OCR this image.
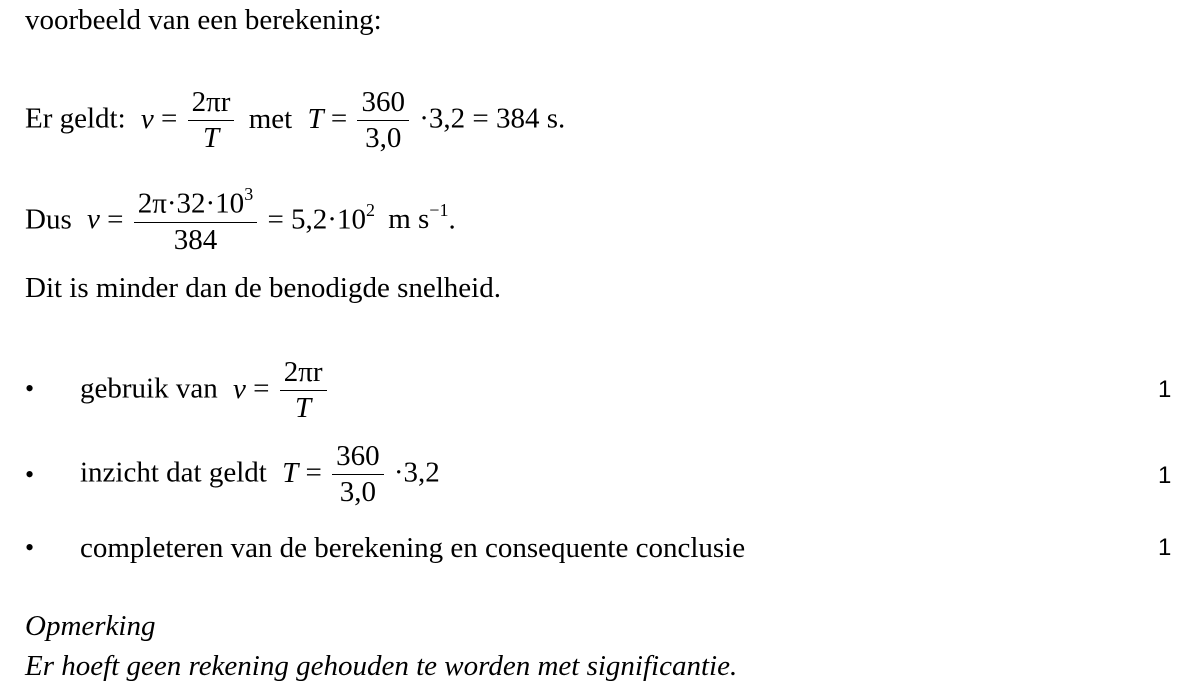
voorbeeld van een berekening:
Er geldt: $v = \frac{2\pi r}{T}$ met $T = \frac{360}{3,0} \cdot 3,2 = 384$ s.
Dus $v = \frac{2\pi\cdot 32\cdot 10^3}{384} = 5,2\cdot 10^2$ m $s^{-1}$.
Dit is minder dan de benodigde snelheid.
• gebruik van $v = \frac{2\pi r}{T}$	1
• inzicht dat geldt $T = \frac{360}{3,0} \cdot 3,2$	1
• completeren van de berekening en consequente conclusie	1
Opmerking
Er hoeft geen rekening gehouden te worden met significantie.
